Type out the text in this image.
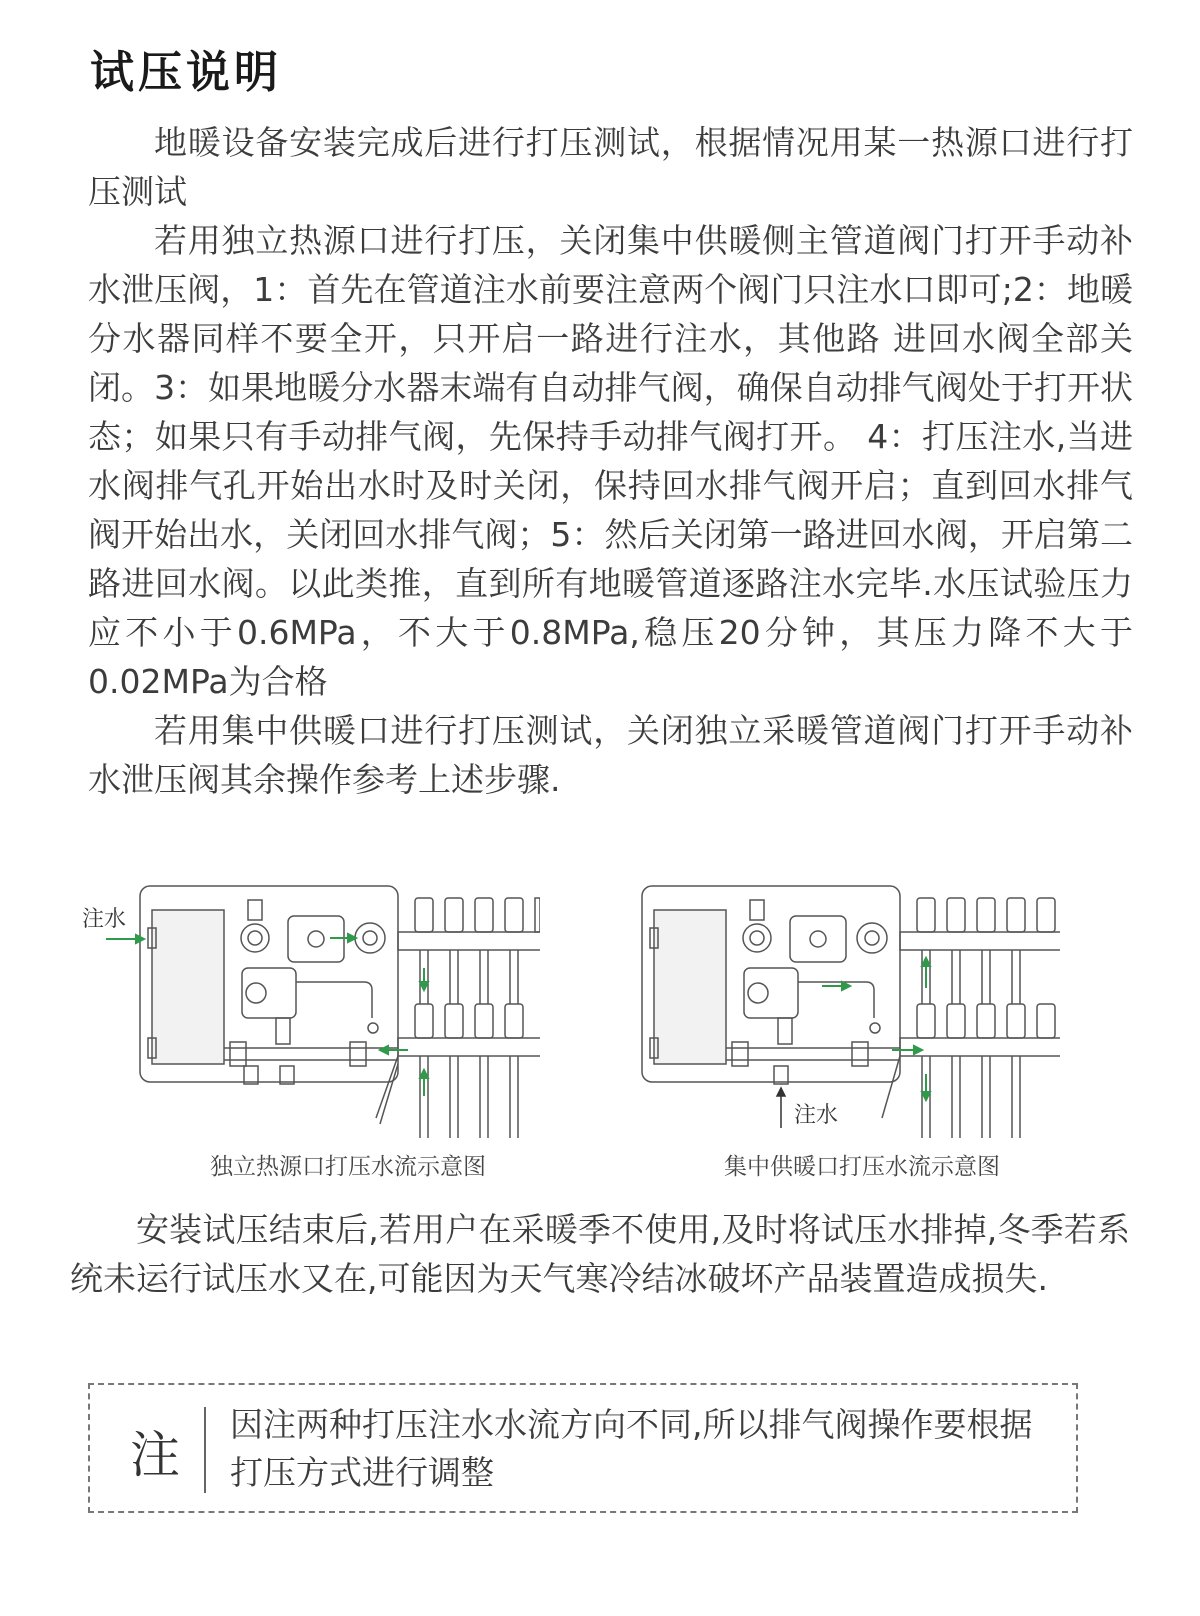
试压说明

地暖设备安装完成后进行打压测试，根据情况用某一热源口进行打压测试

若用独立热源口进行打压，关闭集中供暖侧主管道阀门打开手动补水泄压阀，1：首先在管道注水前要注意两个阀门只注水口即可;2：地暖分水器同样不要全开，只开启一路进行注水，其他路 进回水阀全部关闭。3：如果地暖分水器末端有自动排气阀，确保自动排气阀处于打开状态；如果只有手动排气阀，先保持手动排气阀打开。 4：打压注水,当进水阀排气孔开始出水时及时关闭，保持回水排气阀开启；直到回水排气阀开始出水，关闭回水排气阀；5：然后关闭第一路进回水阀，开启第二路进回水阀。以此类推，直到所有地暖管道逐路注水完毕.水压试验压力应不小于0.6MPa，不大于0.8MPa,稳压20分钟，其压力降不大于0.02MPa为合格

若用集中供暖口进行打压测试，关闭独立采暖管道阀门打开手动补水泄压阀其余操作参考上述步骤.

注水
注水
独立热源口打压水流示意图	集中供暖口打压水流示意图

安装试压结束后,若用户在采暖季不使用,及时将试压水排掉,冬季若系统未运行试压水又在,可能因为天气寒冷结冰破坏产品装置造成损失.

注

因注两种打压注水水流方向不同,所以排气阀操作要根据打压方式进行调整
